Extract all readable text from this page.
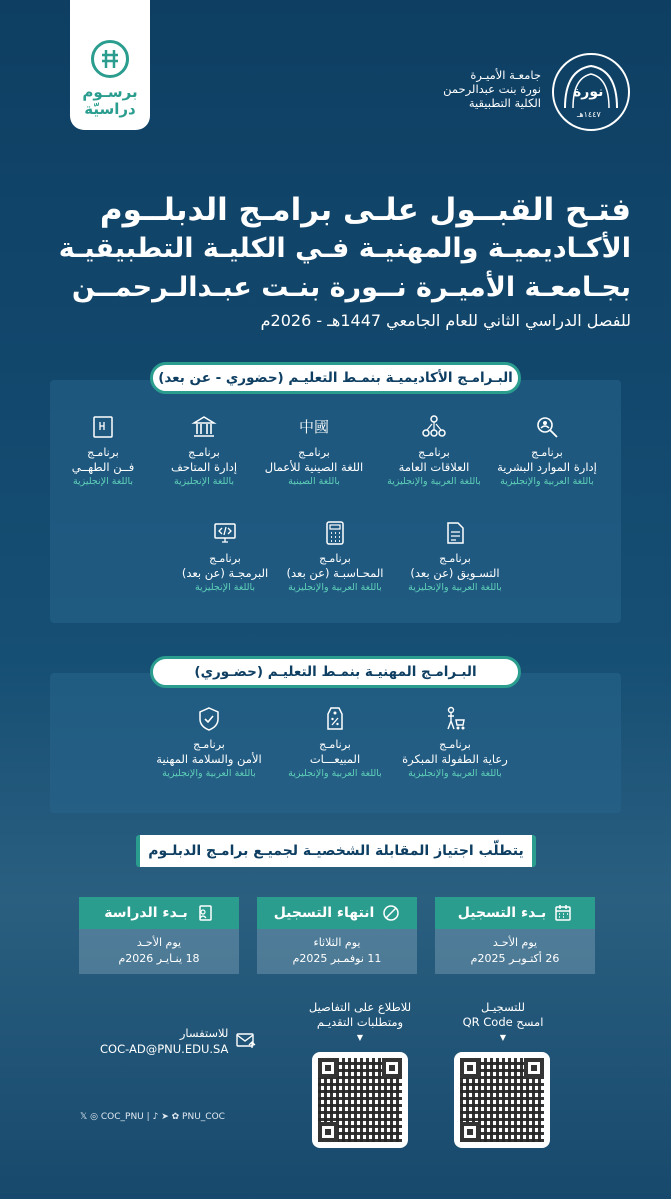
برسـوم
دراسيّة
نورة
١٤٤٧هـ
جامعـة الأميـرة
نورة بنت عبدالرحمن
الكلية التطبيقية
فتـح القبــول علـى برامـج الدبلــوم
الأكـاديميـة والمهنيـة فـي الكليـة التطبيقيـة
بجـامعـة الأميـرة نــورة بنـت عبـدالـرحمــن
للفصل الدراسي الثاني للعام الجامعي 1447هـ - 2026م
البـرامـج الأكاديميـة بنمـط التعليـم (حضوري - عن بعد)
برنامـج
إدارة الموارد البشرية
باللغة العربية والإنجليزية
برنامـج
العلاقات العامة
باللغة العربية والإنجليزية
中國
برنامـج
اللغة الصينية للأعمال
باللغة الصينية
برنامـج
إدارة المتاحف
باللغة الإنجليزية
برنامـج
فــن الطهــي
باللغة الإنجليزية
برنامـج
التسـويق (عن بعد)
باللغة العربية والإنجليزية
برنامـج
المحـاسبـة (عن بعد)
باللغة العربية والإنجليزية
برنامـج
البرمجـة (عن بعد)
باللغة الإنجليزية
البـرامـج المهنيـة بنمـط التعليـم (حضـوري)
برنامـج
رعاية الطفولة المبكرة
باللغة العربية والإنجليزية
برنامـج
المبيعـــات
باللغة العربية والإنجليزية
برنامـج
الأمن والسلامة المهنية
باللغة العربية والإنجليزية
يتطلّب اجتياز المقابلة الشخصيـة لجميـع برامـج الدبلـوم
بـدء التسجيل
يوم الأحـد
26 أكتـوبـر 2025م
انتهاء التسجيل
يوم الثلاثاء
11 نوفمـبر 2025م
بـدء الدراسة
يوم الأحـد
18 ينـايـر 2026م
للتسجيـل
امسح QR Code
▼
للاطلاع على التفاصيل
ومتطلبات التقديـم
▼
للاستفسار
COC-AD@PNU.EDU.SA
𝕏 ◎ COC_PNU | ♪ ➤ ✿ PNU_COC
